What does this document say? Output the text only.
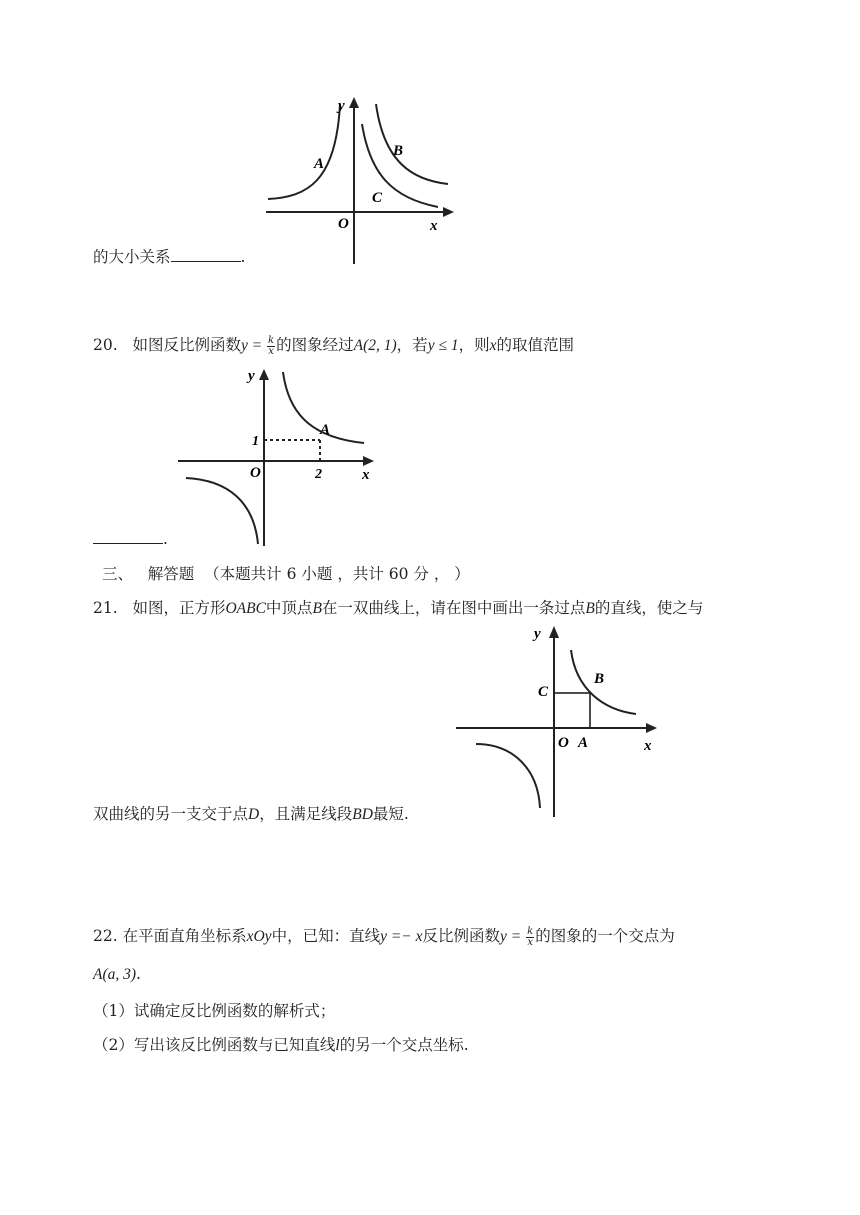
y
x
O
A
B
C
的大小关系	.
20. 如图反比例函数$y = \frac{k}{x}$ 的图象经过A(2, 1)，若y ≤ 1，则x的取值范围
y
x
O
A
1
2
.
三、 解答题 （本题共计 6 小题 ，共计 60 分 ， ）
21. 如图，正方形OABC中顶点B在一双曲线上，请在图中画出一条过点B的直线，使之与
y
x
O A
B
C
双曲线的另一支交于点D，且满足线段BD最短.
22. 在平面直角坐标系xOy中，已知：直线y =− x反比例函数$y = \frac{k}{x}$ 的图象的一个交点为
A(a, 3).
（1）试确定反比例函数的解析式；
（2）写出该反比例函数与已知直线l的另一个交点坐标.
